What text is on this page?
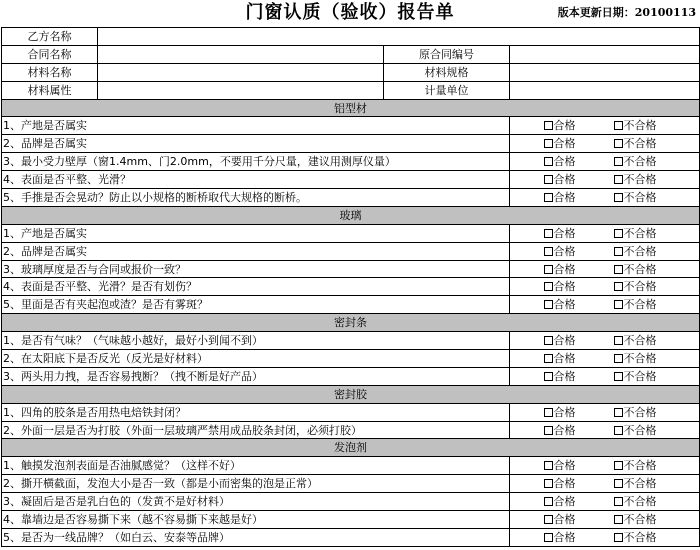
门窗认质（验收）报告单	版本更新日期：20100113
乙方名称					
合同名称		原合同编号			
材料名称		材料规格			
材料属性		计量单位			
铝型材					
1、产地是否属实				合格	不合格
2、品牌是否属实				合格	不合格
3、最小受力壁厚（窗1.4mm、门2.0mm，不要用千分尺量，建议用测厚仪量）				合格	不合格
4、表面是否平整、光滑？				合格	不合格
5、手推是否会晃动？防止以小规格的断桥取代大规格的断桥。				合格	不合格
玻璃					
1、产地是否属实				合格	不合格
2、品牌是否属实				合格	不合格
3、玻璃厚度是否与合同或报价一致？				合格	不合格
4、表面是否平整、光滑？是否有划伤？				合格	不合格
5、里面是否有夹起泡或渣？是否有雾斑？				合格	不合格
密封条					
1、是否有气味？（气味越小越好，最好小到闻不到）				合格	不合格
2、在太阳底下是否反光（反光是好材料）				合格	不合格
3、两头用力拽，是否容易拽断？（拽不断是好产品）				合格	不合格
密封胶					
1、四角的胶条是否用热电焙铁封闭？				合格	不合格
2、外面一层是否为打胶（外面一层玻璃严禁用成品胶条封闭，必须打胶）				合格	不合格
发泡剂					
1、触摸发泡剂表面是否油腻感觉？（这样不好）				合格	不合格
2、撕开横截面，发泡大小是否一致（都是小而密集的泡是正常）				合格	不合格
3、凝固后是否是乳白色的（发黄不是好材料）				合格	不合格
4、靠墙边是否容易撕下来（越不容易撕下来越是好）				合格	不合格
5、是否为一线品牌？（如白云、安泰等品牌）				合格	不合格
